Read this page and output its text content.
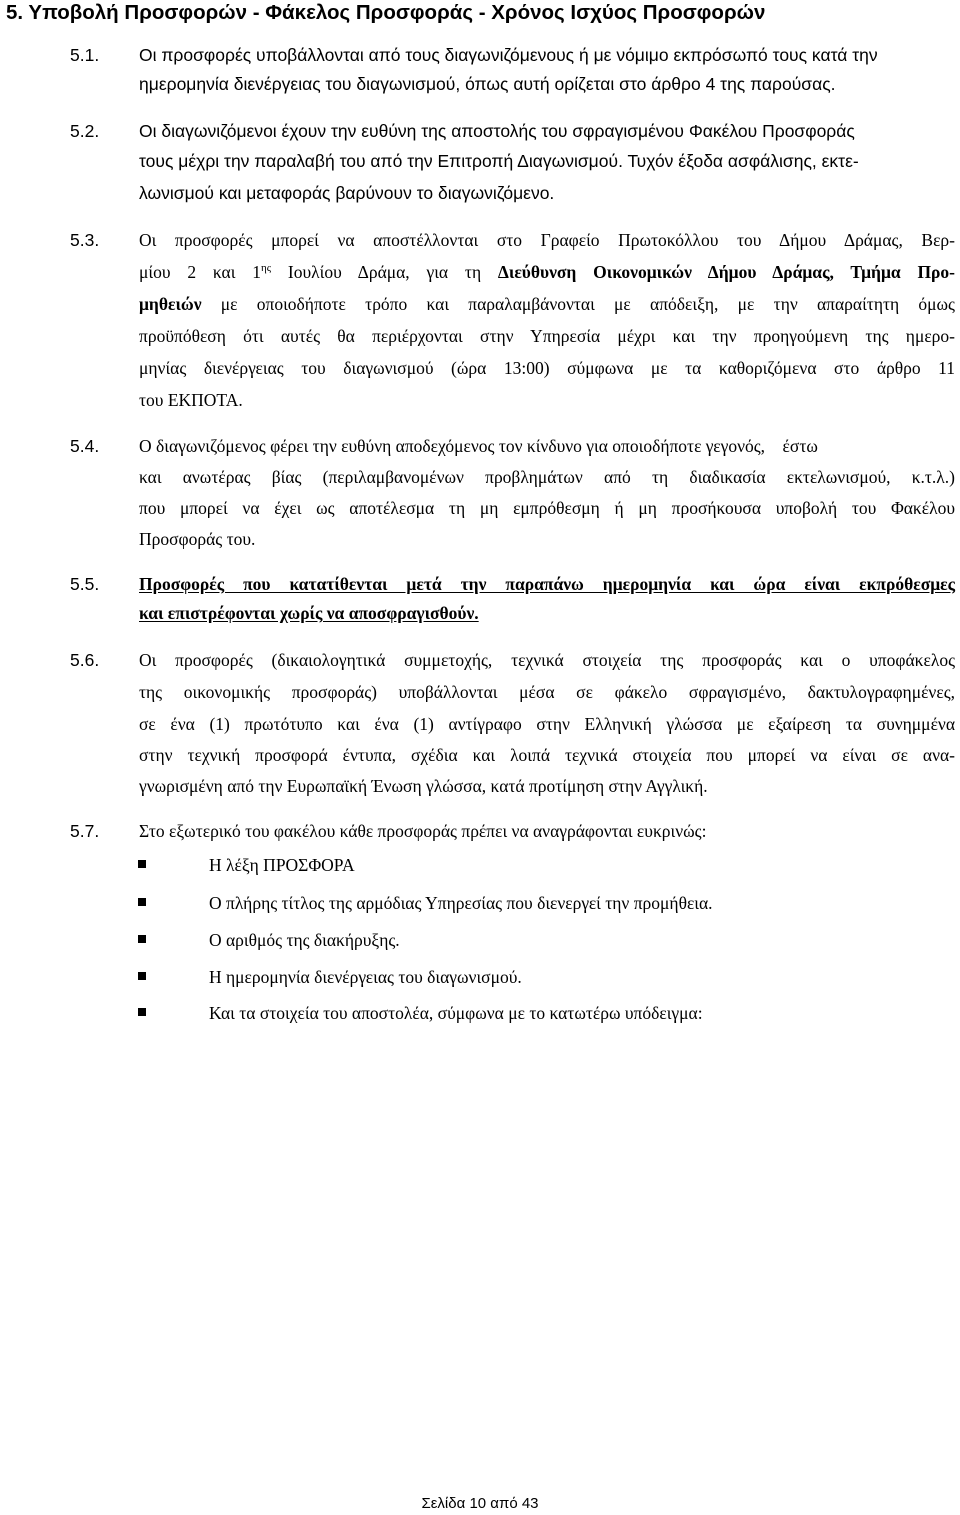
5. Υποβολή Προσφορών - Φάκελος Προσφοράς - Χρόνος Ισχύος Προσφορών
5.1. Οι προσφορές υποβάλλονται από τους διαγωνιζόμενους ή με νόμιμο εκπρόσωπό τους κατά την
ημερομηνία διενέργειας του διαγωνισμού, όπως αυτή ορίζεται στο άρθρο 4 της παρούσας.
5.2. Οι διαγωνιζόμενοι έχουν την ευθύνη της αποστολής του σφραγισμένου Φακέλου Προσφοράς
τους μέχρι την παραλαβή του από την Επιτροπή Διαγωνισμού. Τυχόν έξοδα ασφάλισης, εκτε-
λωνισμού και μεταφοράς βαρύνουν το διαγωνιζόμενο.
5.3. Οι προσφορές μπορεί να αποστέλλονται στο Γραφείο Πρωτοκόλλου του Δήμου Δράμας, Βερ-
μίου 2 και $1^{\eta\varsigma}$ Ιουλίου Δράμα, για τη Διεύθυνση Οικονομικών Δήμου Δράμας, Τμήμα Προ-
μηθειών με οποιοδήποτε τρόπο και παραλαμβάνονται με απόδειξη, με την απαραίτητη όμως
προϋπόθεση ότι αυτές θα περιέρχονται στην Υπηρεσία μέχρι και την προηγούμενη της ημερο-
μηνίας διενέργειας του διαγωνισμού (ώρα 13:00) σύμφωνα με τα καθοριζόμενα στο άρθρο 11
του ΕΚΠΟΤΑ.
5.4. Ο διαγωνιζόμενος φέρει την ευθύνη αποδεχόμενος τον κίνδυνο για οποιοδήποτε γεγονός,    έστω
και ανωτέρας βίας (περιλαμβανομένων προβλημάτων από τη διαδικασία εκτελωνισμού, κ.τ.λ.)
που μπορεί να έχει ως αποτέλεσμα τη μη εμπρόθεσμη ή μη προσήκουσα υποβολή του Φακέλου
Προσφοράς του.
5.5. Προσφορές που κατατίθενται μετά την παραπάνω ημερομηνία και ώρα είναι εκπρόθεσμες
και επιστρέφονται χωρίς να αποσφραγισθούν.
5.6. Οι προσφορές (δικαιολογητικά συμμετοχής, τεχνικά στοιχεία της προσφοράς και ο υποφάκελος
της οικονομικής προσφοράς) υποβάλλονται μέσα σε φάκελο σφραγισμένο, δακτυλογραφημένες,
σε ένα (1) πρωτότυπο και ένα (1) αντίγραφο στην Ελληνική γλώσσα με εξαίρεση τα συνημμένα
στην τεχνική προσφορά έντυπα, σχέδια και λοιπά τεχνικά στοιχεία που μπορεί να είναι σε ανα-
γνωρισμένη από την Ευρωπαϊκή Ένωση γλώσσα, κατά προτίμηση στην Αγγλική.
5.7. Στο εξωτερικό του φακέλου κάθε προσφοράς πρέπει να αναγράφονται ευκρινώς:
Η λέξη ΠΡΟΣΦΟΡΑ
Ο πλήρης τίτλος της αρμόδιας Υπηρεσίας που διενεργεί την προμήθεια.
Ο αριθμός της διακήρυξης.
Η ημερομηνία διενέργειας του διαγωνισμού.
Και τα στοιχεία του αποστολέα, σύμφωνα με το κατωτέρω υπόδειγμα:
Σελίδα 10 από 43
